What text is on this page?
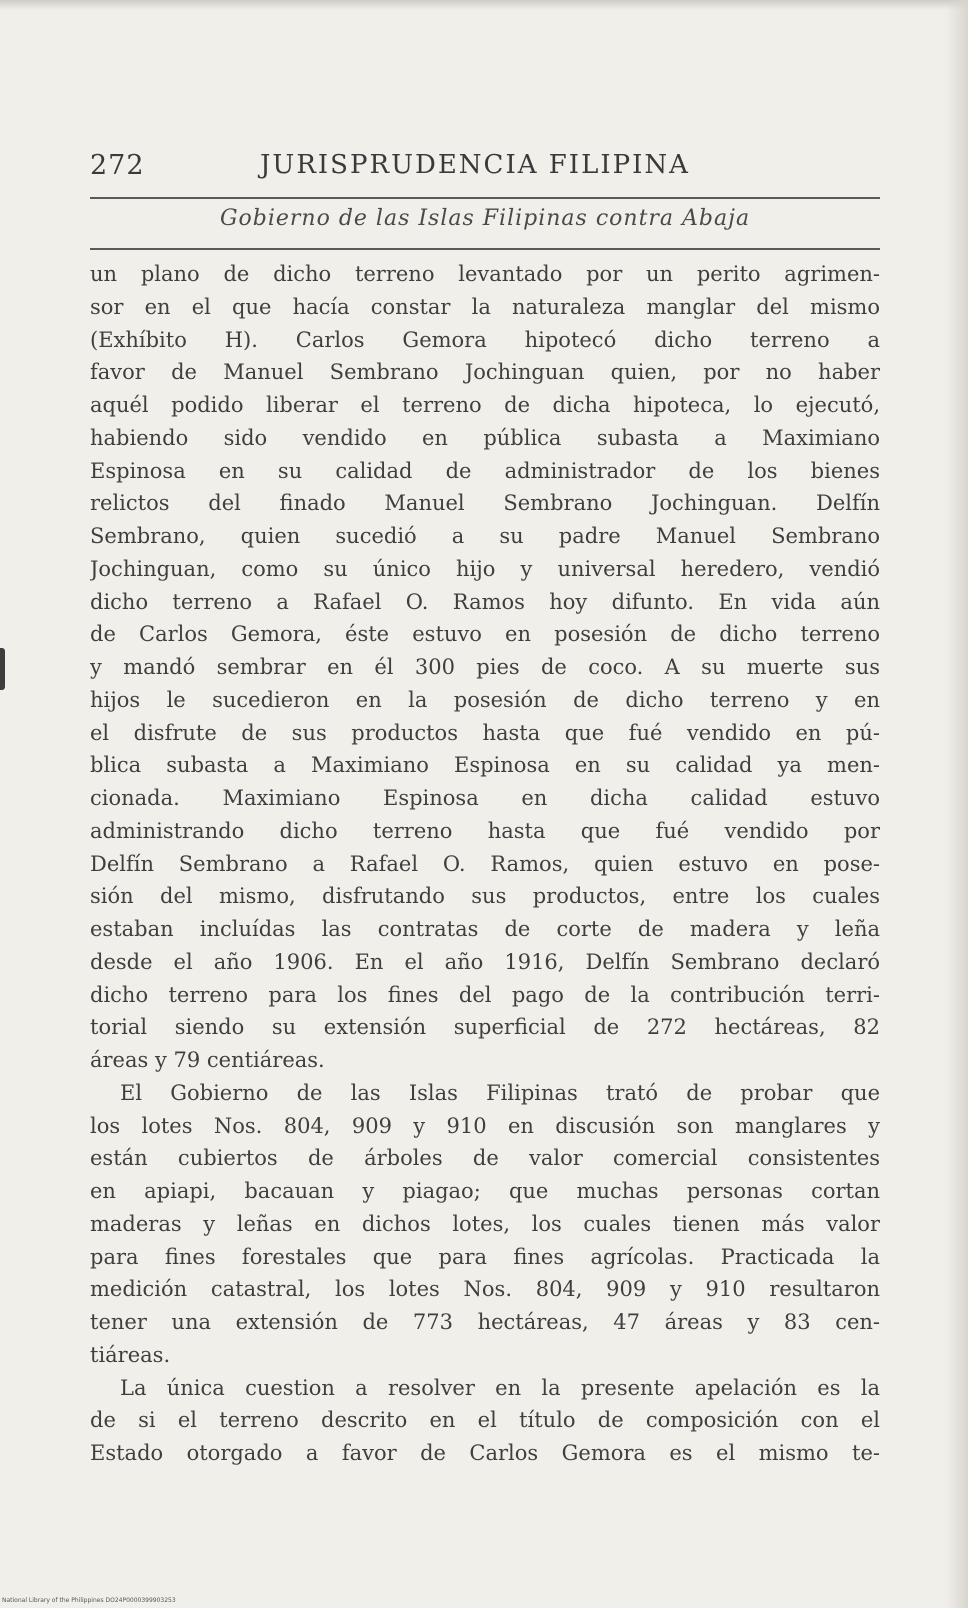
272	JURISPRUDENCIA FILIPINA
Gobierno de las Islas Filipinas contra Abaja
un plano de dicho terreno levantado por un perito agrimen-
sor en el que hacía constar la naturaleza manglar del mismo
(Exhíbito H). Carlos Gemora hipotecó dicho terreno a
favor de Manuel Sembrano Jochinguan quien, por no haber
aquél podido liberar el terreno de dicha hipoteca, lo ejecutó,
habiendo sido vendido en pública subasta a Maximiano
Espinosa en su calidad de administrador de los bienes
relictos del finado Manuel Sembrano Jochinguan. Delfín
Sembrano, quien sucedió a su padre Manuel Sembrano
Jochinguan, como su único hijo y universal heredero, vendió
dicho terreno a Rafael O. Ramos hoy difunto. En vida aún
de Carlos Gemora, éste estuvo en posesión de dicho terreno
y mandó sembrar en él 300 pies de coco. A su muerte sus
hijos le sucedieron en la posesión de dicho terreno y en
el disfrute de sus productos hasta que fué vendido en pú-
blica subasta a Maximiano Espinosa en su calidad ya men-
cionada. Maximiano Espinosa en dicha calidad estuvo
administrando dicho terreno hasta que fué vendido por
Delfín Sembrano a Rafael O. Ramos, quien estuvo en pose-
sión del mismo, disfrutando sus productos, entre los cuales
estaban incluídas las contratas de corte de madera y leña
desde el año 1906. En el año 1916, Delfín Sembrano declaró
dicho terreno para los fines del pago de la contribución terri-
torial siendo su extensión superficial de 272 hectáreas, 82
áreas y 79 centiáreas.
El Gobierno de las Islas Filipinas trató de probar que
los lotes Nos. 804, 909 y 910 en discusión son manglares y
están cubiertos de árboles de valor comercial consistentes
en apiapi, bacauan y piagao; que muchas personas cortan
maderas y leñas en dichos lotes, los cuales tienen más valor
para fines forestales que para fines agrícolas. Practicada la
medición catastral, los lotes Nos. 804, 909 y 910 resultaron
tener una extensión de 773 hectáreas, 47 áreas y 83 cen-
tiáreas.
La única cuestion a resolver en la presente apelación es la
de si el terreno descrito en el título de composición con el
Estado otorgado a favor de Carlos Gemora es el mismo te-
National Library of the Philippines DO24P0000399903253
